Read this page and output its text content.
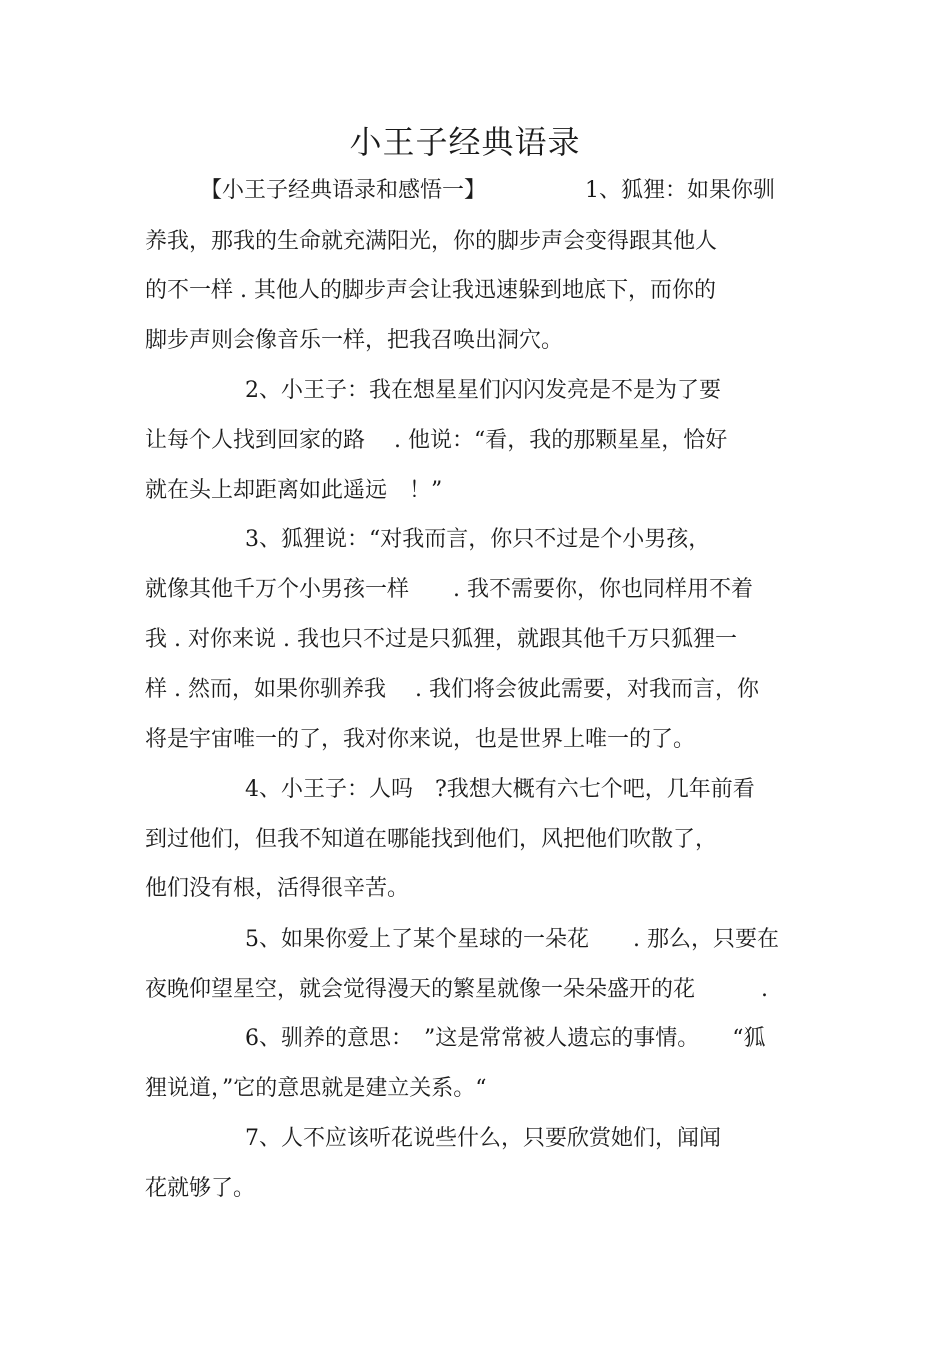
小王子经典语录
【小王子经典语录和感悟一】	1、狐狸：如果你驯
养我，那我的生命就充满阳光，你的脚步声会变得跟其他人
的不一样 . 其他人的脚步声会让我迅速躲到地底下，而你的
脚步声则会像音乐一样，把我召唤出洞穴。
2、小王子：我在想星星们闪闪发亮是不是为了要
让每个人找到回家的路　 . 他说：“看，我的那颗星星，恰好
就在头上却距离如此遥远　！”
3、狐狸说：“对我而言，你只不过是个小男孩，
就像其他千万个小男孩一样　　. 我不需要你，你也同样用不着
我 . 对你来说 . 我也只不过是只狐狸，就跟其他千万只狐狸一
样 . 然而，如果你驯养我　 . 我们将会彼此需要，对我而言，你
将是宇宙唯一的了，我对你来说，也是世界上唯一的了。
4、小王子：人吗　?我想大概有六七个吧，几年前看
到过他们，但我不知道在哪能找到他们，风把他们吹散了，
他们没有根，活得很辛苦。
5、如果你爱上了某个星球的一朵花　　. 那么，只要在
夜晚仰望星空，就会觉得漫天的繁星就像一朵朵盛开的花　　　.
6、驯养的意思：　”这是常常被人遗忘的事情。　　“狐
狸说道，”它的意思就是建立关系。“
7、人不应该听花说些什么，只要欣赏她们，闻闻
花就够了。
